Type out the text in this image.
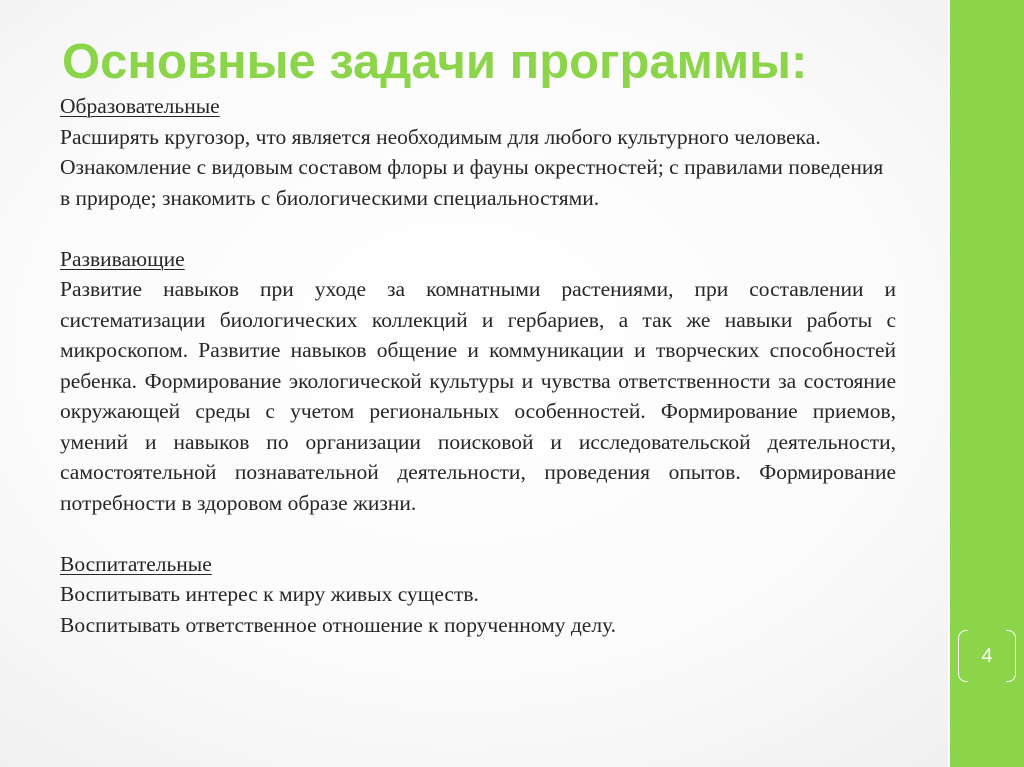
4
Основные задачи программы:

Образовательные

Расширять кругозор, что является необходимым для любого культурного человека. Ознакомление с видовым составом флоры и фауны окрестностей; с правилами поведения в природе; знакомить с биологическими специальностями.

Развивающие

Развитие навыков при уходе за комнатными растениями, при составлении и систематизации биологических коллекций и гербариев, а так же навыки работы с микроскопом. Развитие навыков общение и коммуникации и творческих способностей ребенка. Формирование экологической культуры и чувства ответственности за состояние окружающей среды с учетом региональных особенностей. Формирование приемов, умений и навыков по организации поисковой и исследовательской деятельности, самостоятельной познавательной деятельности, проведения опытов. Формирование потребности в здоровом образе жизни.

Воспитательные

Воспитывать интерес к миру живых существ.

Воспитывать ответственное отношение к порученному делу.
